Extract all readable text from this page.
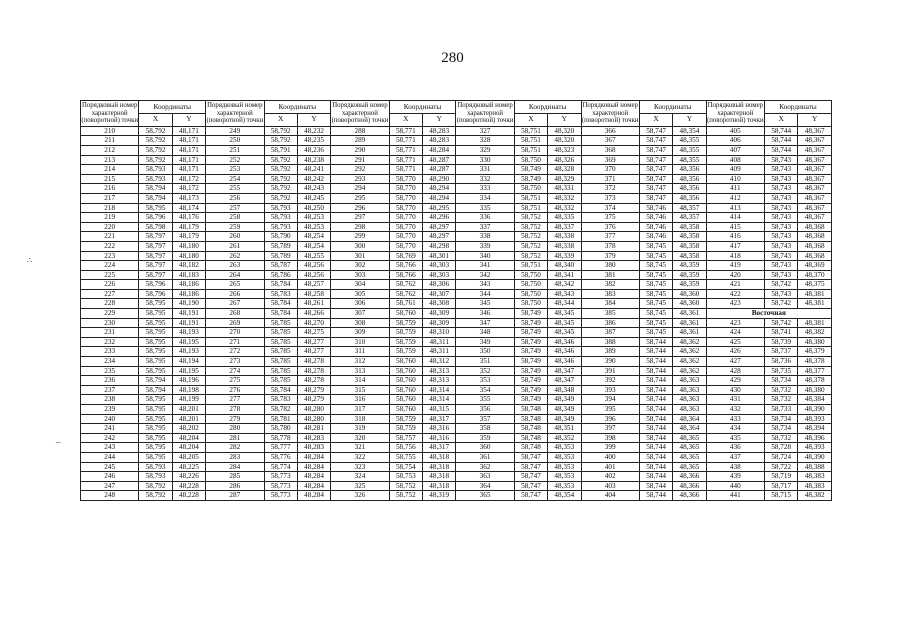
280
∴
–
Порядковый номер характерной (поворотной) точки	Координаты		Порядковый номер характерной (поворотной) точки	Координаты		Порядковый номер характерной (поворотной) точки	Координаты		Порядковый номер характерной (поворотной) точки	Координаты		Порядковый номер характерной (поворотной) точки	Координаты		Порядковый номер характерной (поворотной) точки	Координаты	
	X	Y		X	Y		X	Y		X	Y		X	Y		X	Y
210	58,792	48,171	249	58,792	48,232	288	58,771	48,283	327	58,751	48,320	366	58,747	48,354	405	58,744	48,367
211	58,792	48,171	250	58,792	48,235	289	58,771	48,283	328	58,751	48,320	367	58,747	48,355	406	58,744	48,367
212	58,792	48,171	251	58,791	48,236	290	58,771	48,284	329	58,751	48,323	368	58,747	48,355	407	58,744	48,367
213	58,792	48,171	252	58,792	48,238	291	58,771	48,287	330	58,750	48,326	369	58,747	48,355	408	58,743	48,367
214	58,793	48,171	253	58,792	48,241	292	58,771	48,287	331	58,749	48,328	370	58,747	48,356	409	58,743	48,367
215	58,793	48,172	254	58,792	48,242	293	58,770	48,290	332	58,749	48,329	371	58,747	48,356	410	58,743	48,367
216	58,794	48,172	255	58,792	48,243	294	58,770	48,294	333	58,750	48,331	372	58,747	48,356	411	58,743	48,367
217	58,794	48,173	256	58,792	48,245	295	58,770	48,294	334	58,751	48,332	373	58,747	48,356	412	58,743	48,367
218	58,795	48,174	257	58,793	48,250	296	58,770	48,295	335	58,751	48,332	374	58,746	48,357	413	58,743	48,367
219	58,796	48,176	258	58,793	48,253	297	58,770	48,296	336	58,752	48,335	375	58,746	48,357	414	58,743	48,367
220	58,798	48,179	259	58,793	48,253	298	58,770	48,297	337	58,752	48,337	376	58,746	48,358	415	58,743	48,368
221	58,797	48,179	260	58,790	48,254	299	58,770	48,297	338	58,752	48,338	377	58,746	48,358	416	58,743	48,368
222	58,797	48,180	261	58,789	48,254	300	58,770	48,298	339	58,752	48,338	378	58,745	48,358	417	58,743	48,368
223	58,797	48,180	262	58,789	48,255	301	58,769	48,301	340	58,752	48,339	379	58,745	48,358	418	58,743	48,368
224	58,797	48,182	263	58,787	48,256	302	58,766	48,303	341	58,751	48,340	380	58,745	48,359	419	58,743	48,369
225	58,797	48,183	264	58,786	48,256	303	58,766	48,303	342	58,750	48,341	381	58,745	48,359	420	58,743	48,370
226	58,796	48,186	265	58,784	48,257	304	58,762	48,306	343	58,750	48,342	382	58,745	48,359	421	58,742	48,375
227	58,796	48,186	266	58,783	48,258	305	58,762	48,307	344	58,750	48,343	383	58,745	48,360	422	58,743	48,381
228	58,795	48,190	267	58,784	48,261	306	58,761	48,308	345	58,750	48,344	384	58,745	48,360	423	58,742	48,381
229	58,795	48,191	268	58,784	48,266	307	58,760	48,309	346	58,749	48,345	385	58,745	48,361	Восточная		
230	58,795	48,191	269	58,785	48,270	308	58,759	48,309	347	58,749	48,345	386	58,745	48,361	423	58,742	48,381
231	58,795	48,193	270	58,785	48,275	309	58,759	48,310	348	58,749	48,345	387	58,745	48,361	424	58,741	48,382
232	58,795	48,195	271	58,785	48,277	310	58,759	48,311	349	58,749	48,346	388	58,744	48,362	425	58,739	48,380
233	58,795	48,193	272	58,785	48,277	311	58,759	48,311	350	58,749	48,346	389	58,744	48,362	426	58,737	48,379
234	58,795	48,194	273	58,785	48,278	312	58,760	48,312	351	58,749	48,346	390	58,744	48,362	427	58,736	48,378
235	58,795	48,195	274	58,785	48,278	313	58,760	48,313	352	58,749	48,347	391	58,744	48,362	428	58,735	48,377
236	58,794	48,196	275	58,785	48,278	314	58,760	48,313	353	58,749	48,347	392	58,744	48,363	429	58,734	48,378
237	58,794	48,198	276	58,784	48,279	315	58,760	48,314	354	58,749	48,348	393	58,744	48,363	430	58,732	48,380
238	58,795	48,199	277	58,783	48,279	316	58,760	48,314	355	58,749	48,349	394	58,744	48,363	431	58,732	48,384
239	58,795	48,201	278	58,782	48,280	317	58,760	48,315	356	58,748	48,349	395	58,744	48,363	432	58,733	48,390
240	58,795	48,201	279	58,781	48,280	318	58,759	48,317	357	58,748	48,349	396	58,744	48,364	433	58,734	48,393
241	58,795	48,202	280	58,780	48,281	319	58,759	48,316	358	58,748	48,351	397	58,744	48,364	434	58,734	48,394
242	58,795	48,204	281	58,778	48,283	320	58,757	48,316	359	58,748	48,352	398	58,744	48,365	435	58,732	48,396
243	58,795	48,204	282	58,777	48,283	321	58,756	48,317	360	58,748	48,353	399	58,744	48,365	436	58,728	48,393
244	58,795	48,205	283	58,776	48,284	322	58,755	48,318	361	58,747	48,353	400	58,744	48,365	437	58,724	48,390
245	58,793	48,225	284	58,774	48,284	323	58,754	48,318	362	58,747	48,353	401	58,744	48,365	438	58,722	48,388
246	58,793	48,226	285	58,773	48,284	324	58,753	48,318	363	58,747	48,353	402	58,744	48,366	439	58,719	48,383
247	58,792	48,228	286	58,773	48,284	325	58,752	48,318	364	58,747	48,353	403	58,744	48,366	440	58,717	48,383
248	58,792	48,228	287	58,773	48,284	326	58,752	48,319	365	58,747	48,354	404	58,744	48,366	441	58,715	48,382
